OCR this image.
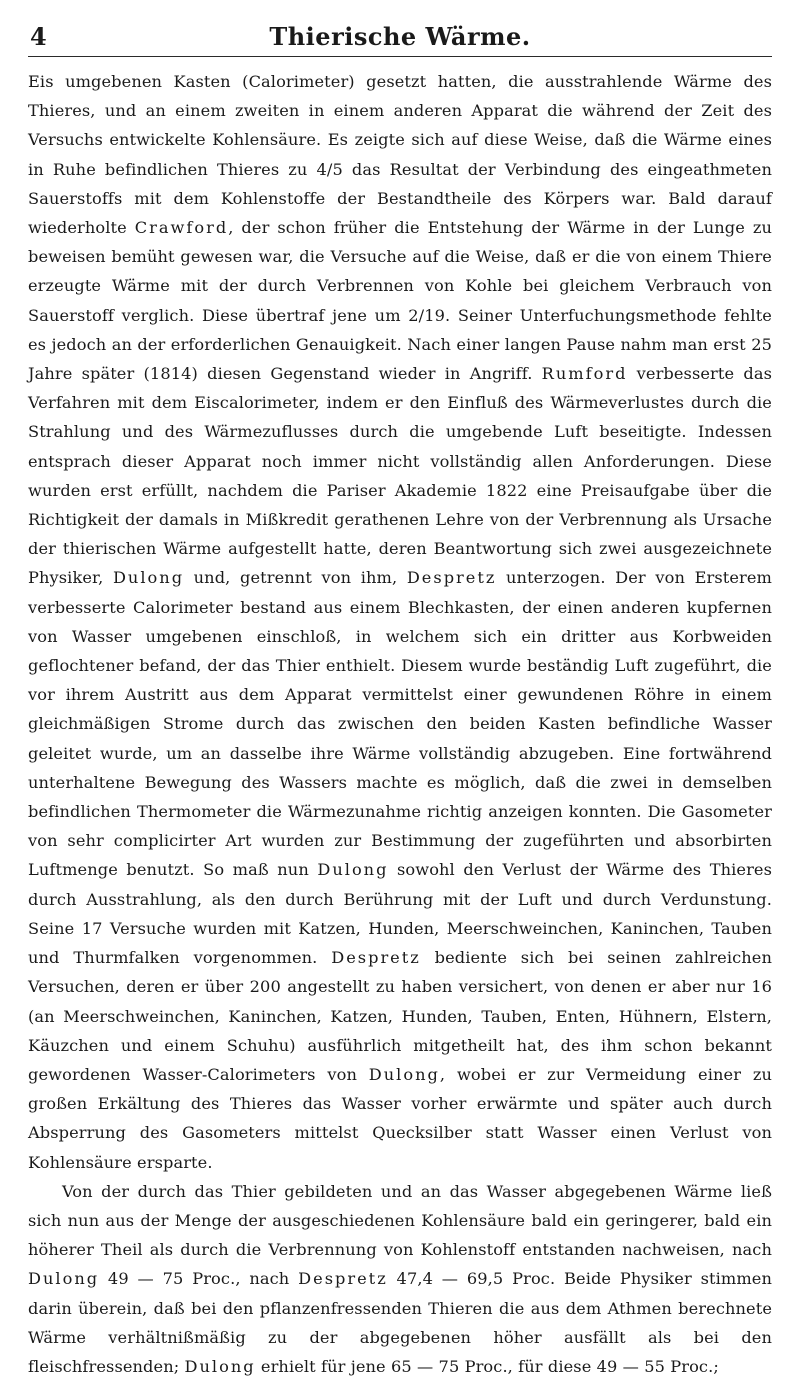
4	Thierische Wärme.

Eis umgebenen Kasten (Calorimeter) gesetzt hatten, die ausstrahlende Wärme des Thieres, und an einem zweiten in einem anderen Apparat die während der Zeit des Versuchs entwickelte Kohlensäure. Es zeigte sich auf diese Weise, daß die Wärme eines in Ruhe befindlichen Thieres zu 4/5 das Resultat der Verbindung des eingeathmeten Sauerstoffs mit dem Kohlenstoffe der Bestandtheile des Körpers war. Bald darauf wiederholte Crawford, der schon früher die Entstehung der Wärme in der Lunge zu beweisen bemüht gewesen war, die Versuche auf die Weise, daß er die von einem Thiere erzeugte Wärme mit der durch Verbrennen von Kohle bei gleichem Verbrauch von Sauerstoff verglich. Diese übertraf jene um 2/19. Seiner Unterfuchungsmethode fehlte es jedoch an der erforderlichen Genauigkeit. Nach einer langen Pause nahm man erst 25 Jahre später (1814) diesen Gegenstand wieder in Angriff. Rumford verbesserte das Verfahren mit dem Eiscalorimeter, indem er den Einfluß des Wärmeverlustes durch die Strahlung und des Wärmezuflusses durch die umgebende Luft beseitigte. Indessen entsprach dieser Apparat noch immer nicht vollständig allen Anforderungen. Diese wurden erst erfüllt, nachdem die Pariser Akademie 1822 eine Preisaufgabe über die Richtigkeit der damals in Mißkredit gerathenen Lehre von der Verbrennung als Ursache der thierischen Wärme aufgestellt hatte, deren Beantwortung sich zwei ausgezeichnete Physiker, Dulong und, getrennt von ihm, Despretz unterzogen. Der von Ersterem verbesserte Calorimeter bestand aus einem Blechkasten, der einen anderen kupfernen von Wasser umgebenen einschloß, in welchem sich ein dritter aus Korbweiden geflochtener befand, der das Thier enthielt. Diesem wurde beständig Luft zugeführt, die vor ihrem Austritt aus dem Apparat vermittelst einer gewundenen Röhre in einem gleichmäßigen Strome durch das zwischen den beiden Kasten befindliche Wasser geleitet wurde, um an dasselbe ihre Wärme vollständig abzugeben. Eine fortwährend unterhaltene Bewegung des Wassers machte es möglich, daß die zwei in demselben befindlichen Thermometer die Wärmezunahme richtig anzeigen konnten. Die Gasometer von sehr complicirter Art wurden zur Bestimmung der zugeführten und absorbirten Luftmenge benutzt. So maß nun Dulong sowohl den Verlust der Wärme des Thieres durch Ausstrahlung, als den durch Berührung mit der Luft und durch Verdunstung. Seine 17 Versuche wurden mit Katzen, Hunden, Meerschweinchen, Kaninchen, Tauben und Thurmfalken vorgenommen. Despretz bediente sich bei seinen zahlreichen Versuchen, deren er über 200 angestellt zu haben versichert, von denen er aber nur 16 (an Meerschweinchen, Kaninchen, Katzen, Hunden, Tauben, Enten, Hühnern, Elstern, Käuzchen und einem Schuhu) ausführlich mitgetheilt hat, des ihm schon bekannt gewordenen Wasser-Calorimeters von Dulong, wobei er zur Vermeidung einer zu großen Erkältung des Thieres das Wasser vorher erwärmte und später auch durch Absperrung des Gasometers mittelst Quecksilber statt Wasser einen Verlust von Kohlensäure ersparte.

Von der durch das Thier gebildeten und an das Wasser abgegebenen Wärme ließ sich nun aus der Menge der ausgeschiedenen Kohlensäure bald ein geringerer, bald ein höherer Theil als durch die Verbrennung von Kohlenstoff entstanden nachweisen, nach Dulong 49 — 75 Proc., nach Despretz 47,4 — 69,5 Proc. Beide Physiker stimmen darin überein, daß bei den pflanzenfressenden Thieren die aus dem Athmen berechnete Wärme verhältnißmäßig zu der abgegebenen höher ausfällt als bei den fleischfressenden; Dulong erhielt für jene 65 — 75 Proc., für diese 49 — 55 Proc.;
